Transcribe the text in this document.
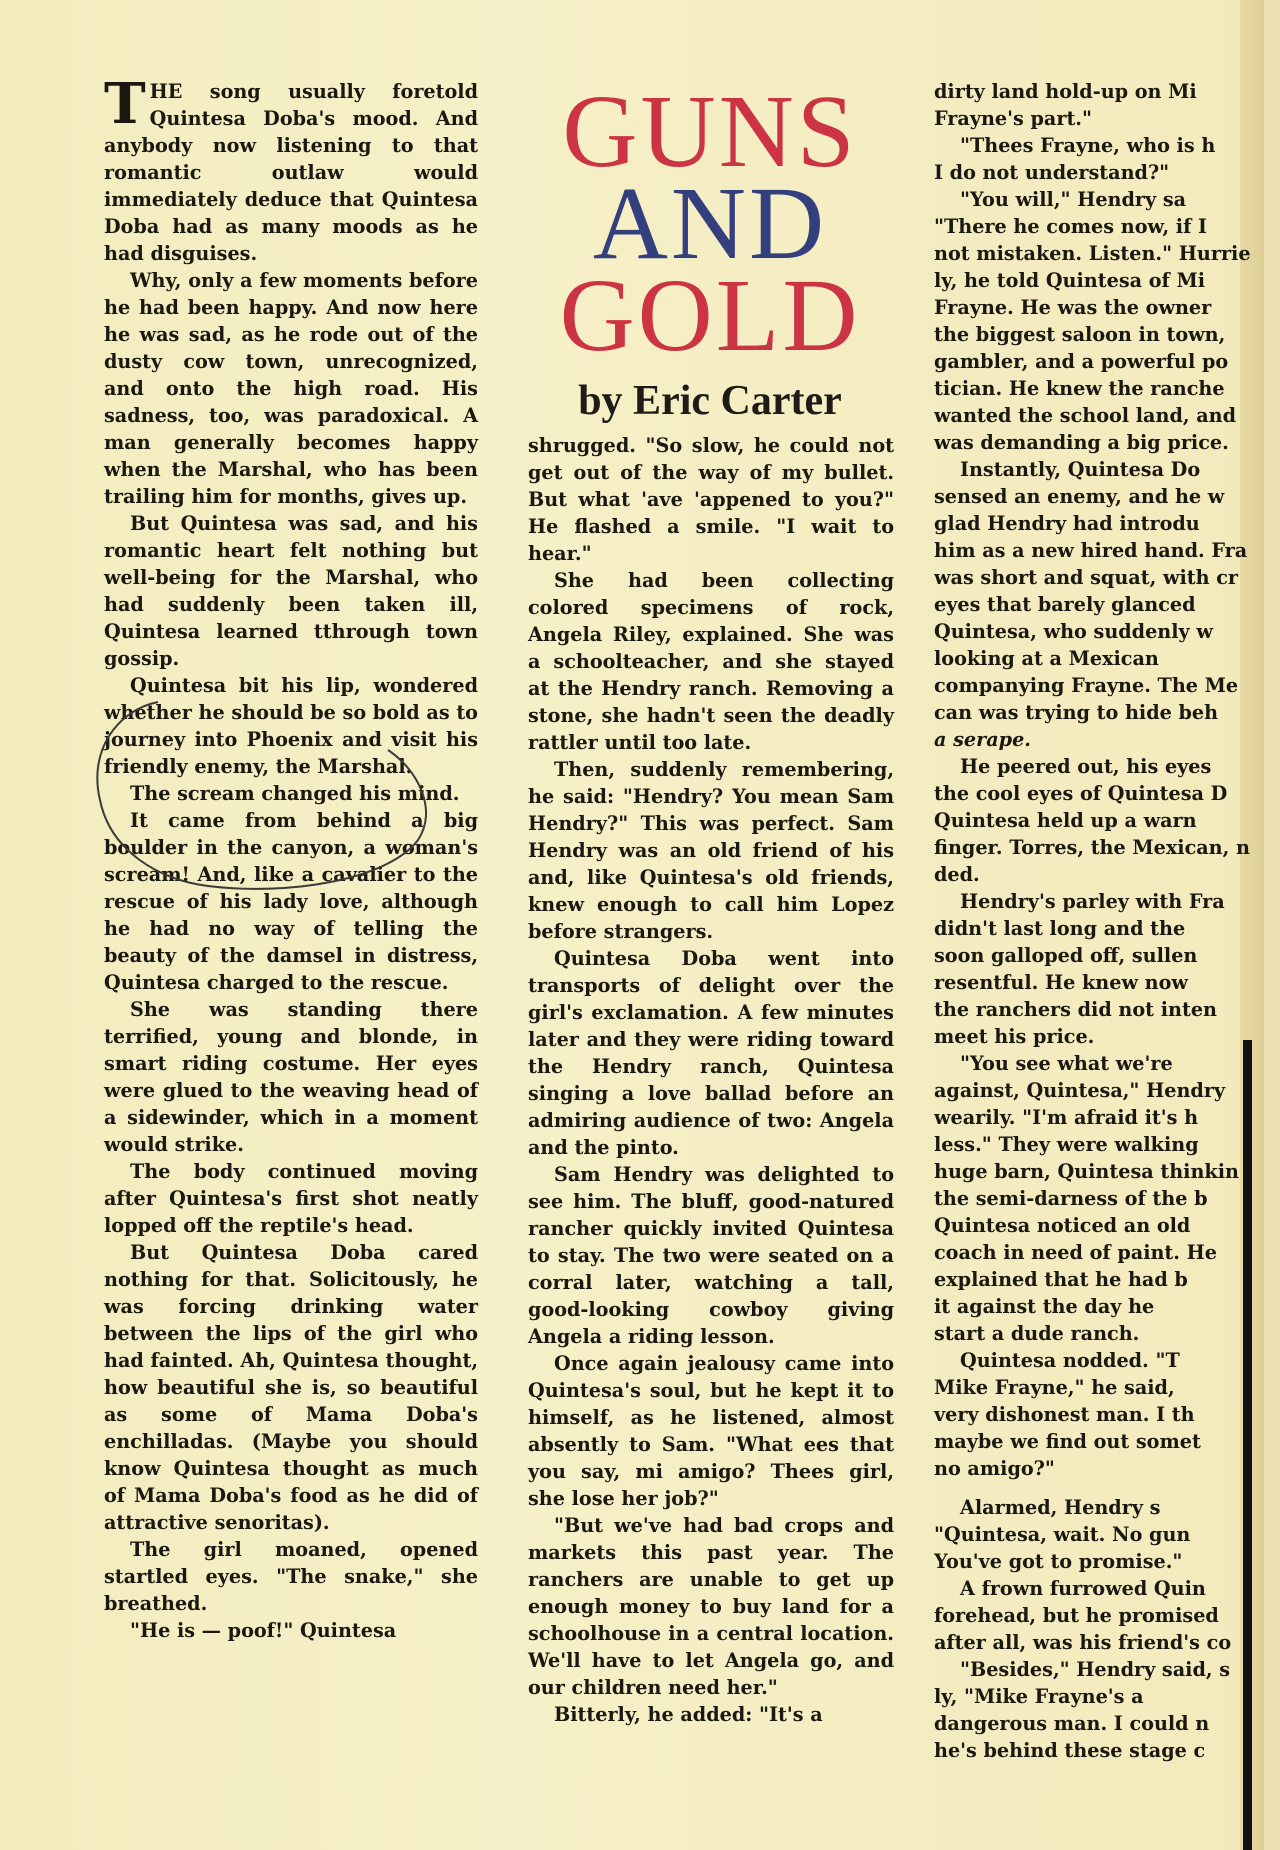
GUNS
AND
GOLD
by Eric Carter

THE song usually foretold Quintesa Doba's mood. And anybody now listening to that romantic outlaw would immediately deduce that Quintesa Doba had as many moods as he had disguises.

Why, only a few moments before he had been happy. And now here he was sad, as he rode out of the dusty cow town, unrecognized, and onto the high road. His sadness, too, was paradoxical. A man generally becomes happy when the Marshal, who has been trailing him for months, gives up.

But Quintesa was sad, and his romantic heart felt nothing but well-being for the Marshal, who had suddenly been taken ill, Quintesa learned tthrough town gossip.

Quintesa bit his lip, wondered whether he should be so bold as to journey into Phoenix and visit his friendly enemy, the Marshal.

The scream changed his mind.

It came from behind a big boulder in the canyon, a woman's scream! And, like a cavalier to the rescue of his lady love, although he had no way of telling the beauty of the damsel in distress, Quintesa charged to the rescue.

She was standing there terrified, young and blonde, in smart riding costume. Her eyes were glued to the weaving head of a sidewinder, which in a moment would strike.

The body continued moving after Quintesa's first shot neatly lopped off the reptile's head.

But Quintesa Doba cared nothing for that. Solicitously, he was forcing drinking water between the lips of the girl who had fainted. Ah, Quintesa thought, how beautiful she is, so beautiful as some of Mama Doba's enchilladas. (Maybe you should know Quintesa thought as much of Mama Doba's food as he did of attractive senoritas).

The girl moaned, opened startled eyes. "The snake," she breathed.

"He is — poof!" Quintesa

shrugged. "So slow, he could not get out of the way of my bullet. But what 'ave 'appened to you?" He flashed a smile. "I wait to hear."

She had been collecting colored specimens of rock, Angela Riley, explained. She was a schoolteacher, and she stayed at the Hendry ranch. Removing a stone, she hadn't seen the deadly rattler until too late.

Then, suddenly remembering, he said: "Hendry? You mean Sam Hendry?" This was perfect. Sam Hendry was an old friend of his and, like Quintesa's old friends, knew enough to call him Lopez before strangers.

Quintesa Doba went into transports of delight over the girl's exclamation. A few minutes later and they were riding toward the Hendry ranch, Quintesa singing a love ballad before an admiring audience of two: Angela and the pinto.

Sam Hendry was delighted to see him. The bluff, good-natured rancher quickly invited Quintesa to stay. The two were seated on a corral later, watching a tall, good-looking cowboy giving Angela a riding lesson.

Once again jealousy came into Quintesa's soul, but he kept it to himself, as he listened, almost absently to Sam. "What ees that you say, mi amigo? Thees girl, she lose her job?"

"But we've had bad crops and markets this past year. The ranchers are unable to get up enough money to buy land for a schoolhouse in a central location. We'll have to let Angela go, and our children need her."

Bitterly, he added: "It's a

dirty land hold-up on Mi

Frayne's part."

"Thees Frayne, who is h

I do not understand?"

"You will," Hendry sa

"There he comes now, if I

not mistaken. Listen." Hurrie

ly, he told Quintesa of Mi

Frayne. He was the owner

the biggest saloon in town,

gambler, and a powerful po

tician. He knew the ranche

wanted the school land, and

was demanding a big price.

Instantly, Quintesa Do

sensed an enemy, and he w

glad Hendry had introdu

him as a new hired hand. Fra

was short and squat, with cr

eyes that barely glanced

Quintesa, who suddenly w

looking at a Mexican

companying Frayne. The Me

can was trying to hide beh

a serape.

He peered out, his eyes

the cool eyes of Quintesa D

Quintesa held up a warn

finger. Torres, the Mexican, n

ded.

Hendry's parley with Fra

didn't last long and the

soon galloped off, sullen

resentful. He knew now

the ranchers did not inten

meet his price.

"You see what we're

against, Quintesa," Hendry

wearily. "I'm afraid it's h

less." They were walking

huge barn, Quintesa thinkin

the semi-darness of the b

Quintesa noticed an old

coach in need of paint. He

explained that he had b

it against the day he

start a dude ranch.

Quintesa nodded. "T

Mike Frayne," he said,

very dishonest man. I th

maybe we find out somet

no amigo?"

Alarmed, Hendry s

"Quintesa, wait. No gun

You've got to promise."

A frown furrowed Quin

forehead, but he promised

after all, was his friend's co

"Besides," Hendry said, s

ly, "Mike Frayne's a

dangerous man. I could n

he's behind these stage c
